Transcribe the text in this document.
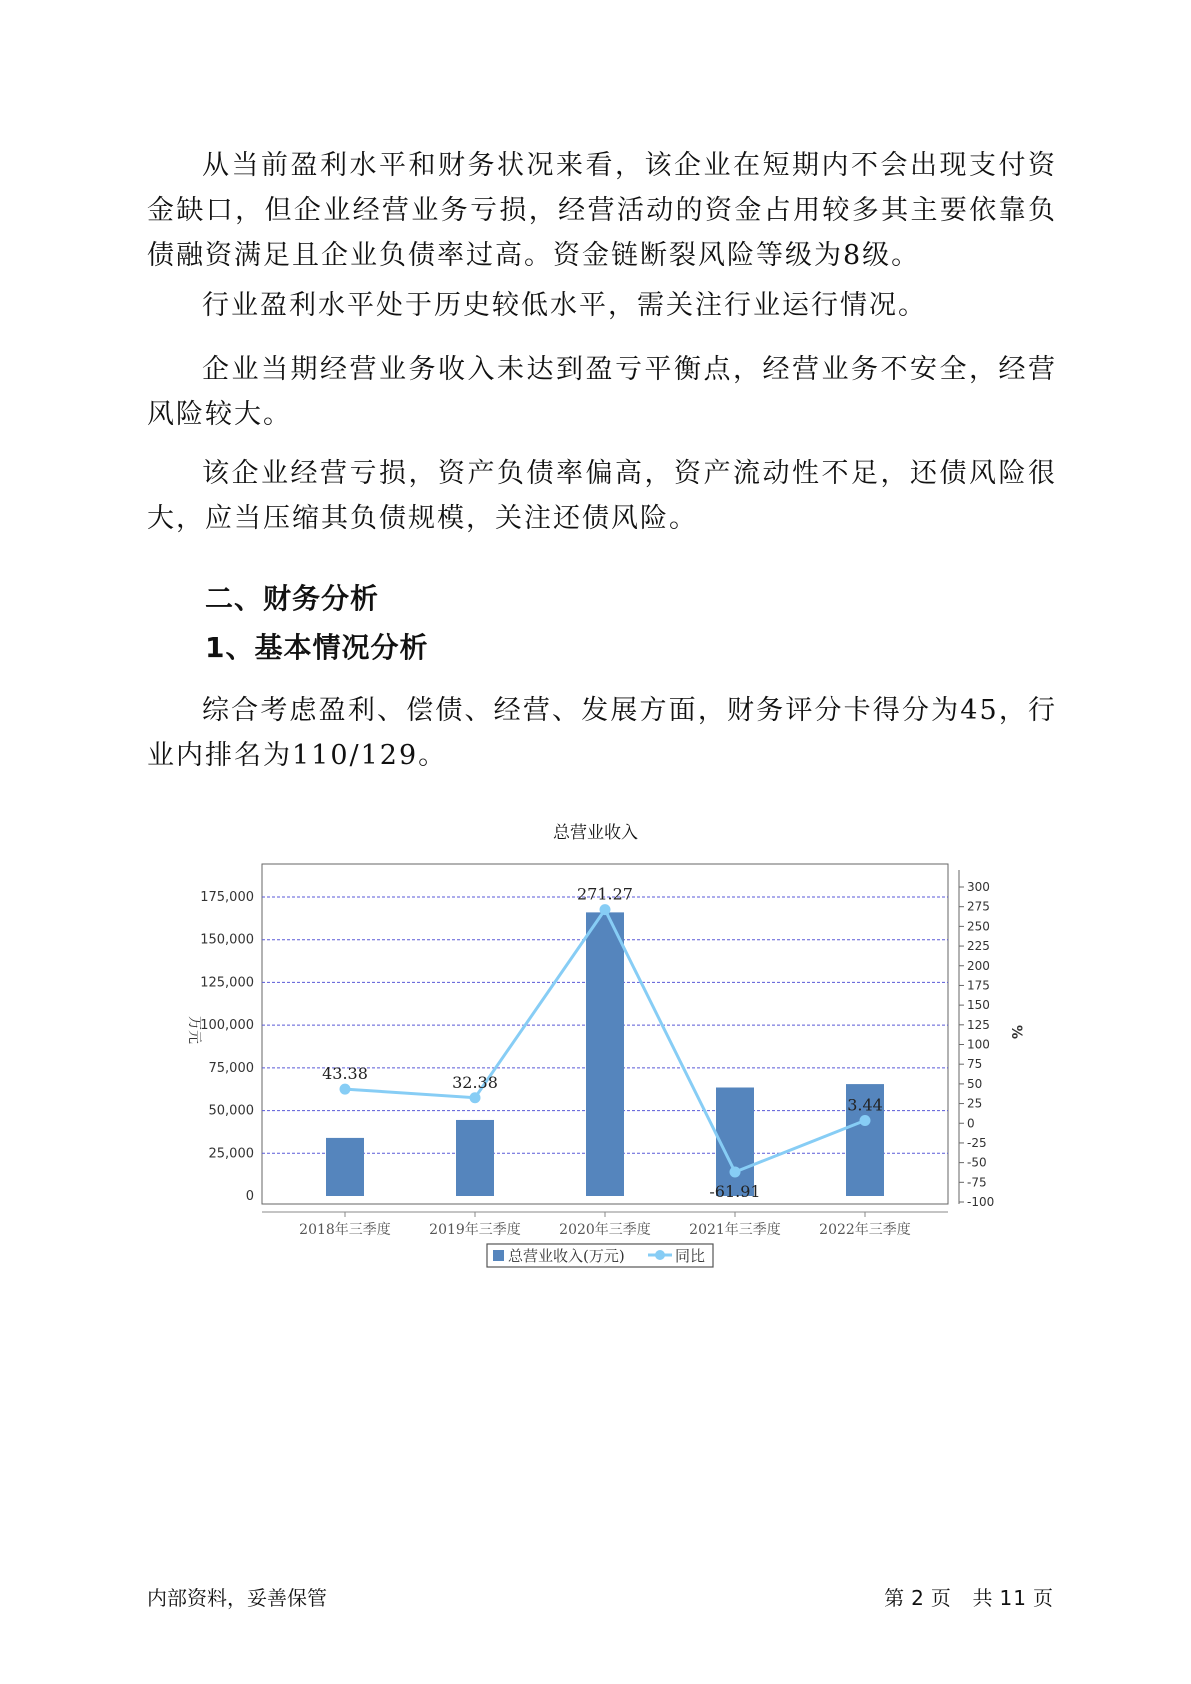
从当前盈利水平和财务状况来看，该企业在短期内不会出现支付资金缺口，但企业经营业务亏损，经营活动的资金占用较多其主要依靠负债融资满足且企业负债率过高。资金链断裂风险等级为8级。

行业盈利水平处于历史较低水平，需关注行业运行情况。

企业当期经营业务收入未达到盈亏平衡点，经营业务不安全，经营风险较大。

该企业经营亏损，资产负债率偏高，资产流动性不足，还债风险很大，应当压缩其负债规模，关注还债风险。

二、财务分析
1、基本情况分析

综合考虑盈利、偿债、经营、发展方面，财务评分卡得分为45，行业内排名为110/129。

总营业收入

0
25,000
50,000
75,000
100,000
125,000
150,000
175,000
万元
-100
-75
-50
-25
0
25
50
75
100
125
150
175
200
225
250
275
300
%
2018年三季度	2019年三季度	2020年三季度	2021年三季度	2022年三季度
43.38	32.38
271.27
-61.91
3.44
总营业收入(万元)	同比

内部资料，妥善保管	第 2 页 共 11 页
